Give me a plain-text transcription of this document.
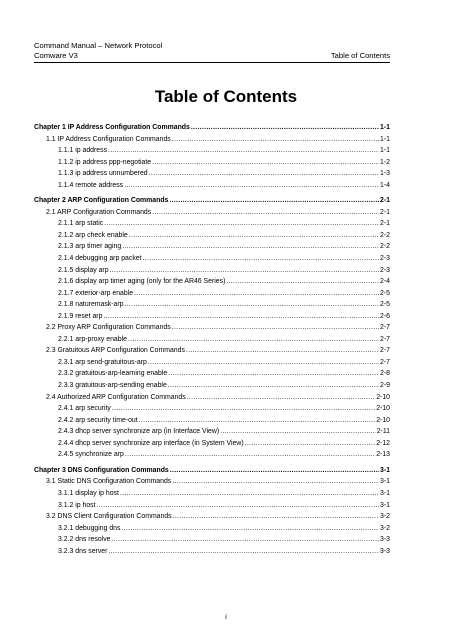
Command Manual – Network Protocol
Comware V3	Table of Contents
Table of Contents
Chapter 1 IP Address Configuration Commands .....	1-1
1.1 IP Address Configuration Commands .....	1-1
1.1.1 ip address .....	1-1
1.1.2 ip address ppp-negotiate .....	1-2
1.1.3 ip address unnumbered .....	1-3
1.1.4 remote address .....	1-4
Chapter 2 ARP Configuration Commands .....	2-1
2.1 ARP Configuration Commands .....	2-1
2.1.1 arp static .....	2-1
2.1.2 arp check enable .....	2-2
2.1.3 arp timer aging .....	2-2
2.1.4 debugging arp packet .....	2-3
2.1.5 display arp .....	2-3
2.1.6 display arp timer aging (only for the AR46 Series) .....	2-4
2.1.7 exterior-arp enable .....	2-5
2.1.8 naturemask-arp .....	2-5
2.1.9 reset arp .....	2-6
2.2 Proxy ARP Configuration Commands .....	2-7
2.2.1 arp-proxy enable .....	2-7
2.3 Gratuitous ARP Configuration Commands .....	2-7
2.3.1 arp send-gratuitous-arp .....	2-7
2.3.2 gratuitous-arp-learning enable .....	2-8
2.3.3 gratuitous-arp-sending enable .....	2-9
2.4 Authorized ARP Configuration Commands .....	2-10
2.4.1 arp security .....	2-10
2.4.2 arp security time-out .....	2-10
2.4.3 dhcp server synchronize arp (in Interface View) .....	2-11
2.4.4 dhcp server synchronize arp interface (in System View) .....	2-12
2.4.5 synchronize arp .....	2-13
Chapter 3 DNS Configuration Commands .....	3-1
3.1 Static DNS Configuration Commands .....	3-1
3.1.1 display ip host .....	3-1
3.1.2 ip host .....	3-1
3.2 DNS Client Configuration Commands .....	3-2
3.2.1 debugging dns .....	3-2
3.2.2 dns resolve .....	3-3
3.2.3 dns server .....	3-3
i
